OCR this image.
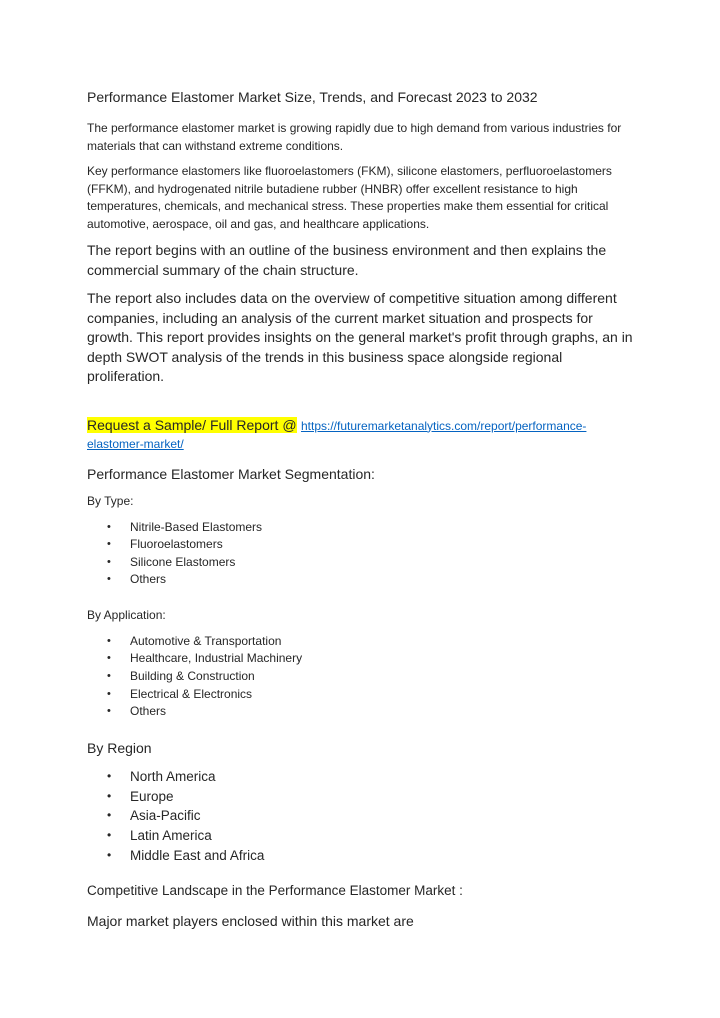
Performance Elastomer Market Size, Trends, and Forecast 2023 to 2032

The performance elastomer market is growing rapidly due to high demand from various industries for materials that can withstand extreme conditions.

Key performance elastomers like fluoroelastomers (FKM), silicone elastomers, perfluoroelastomers (FFKM), and hydrogenated nitrile butadiene rubber (HNBR) offer excellent resistance to high temperatures, chemicals, and mechanical stress. These properties make them essential for critical automotive, aerospace, oil and gas, and healthcare applications.

The report begins with an outline of the business environment and then explains the commercial summary of the chain structure.

The report also includes data on the overview of competitive situation among different companies, including an analysis of the current market situation and prospects for growth. This report provides insights on the general market's profit through graphs, an in depth SWOT analysis of the trends in this business space alongside regional proliferation.

Request a Sample/ Full Report @ https://futuremarketanalytics.com/report/performance-elastomer-market/
Performance Elastomer Market Segmentation:
By Type:
• Nitrile-Based Elastomers
• Fluoroelastomers
• Silicone Elastomers
• Others
By Application:
• Automotive & Transportation
• Healthcare, Industrial Machinery
• Building & Construction
• Electrical & Electronics
• Others
By Region
• North America
• Europe
• Asia-Pacific
• Latin America
• Middle East and Africa
Competitive Landscape in the Performance Elastomer Market :

Major market players enclosed within this market are
